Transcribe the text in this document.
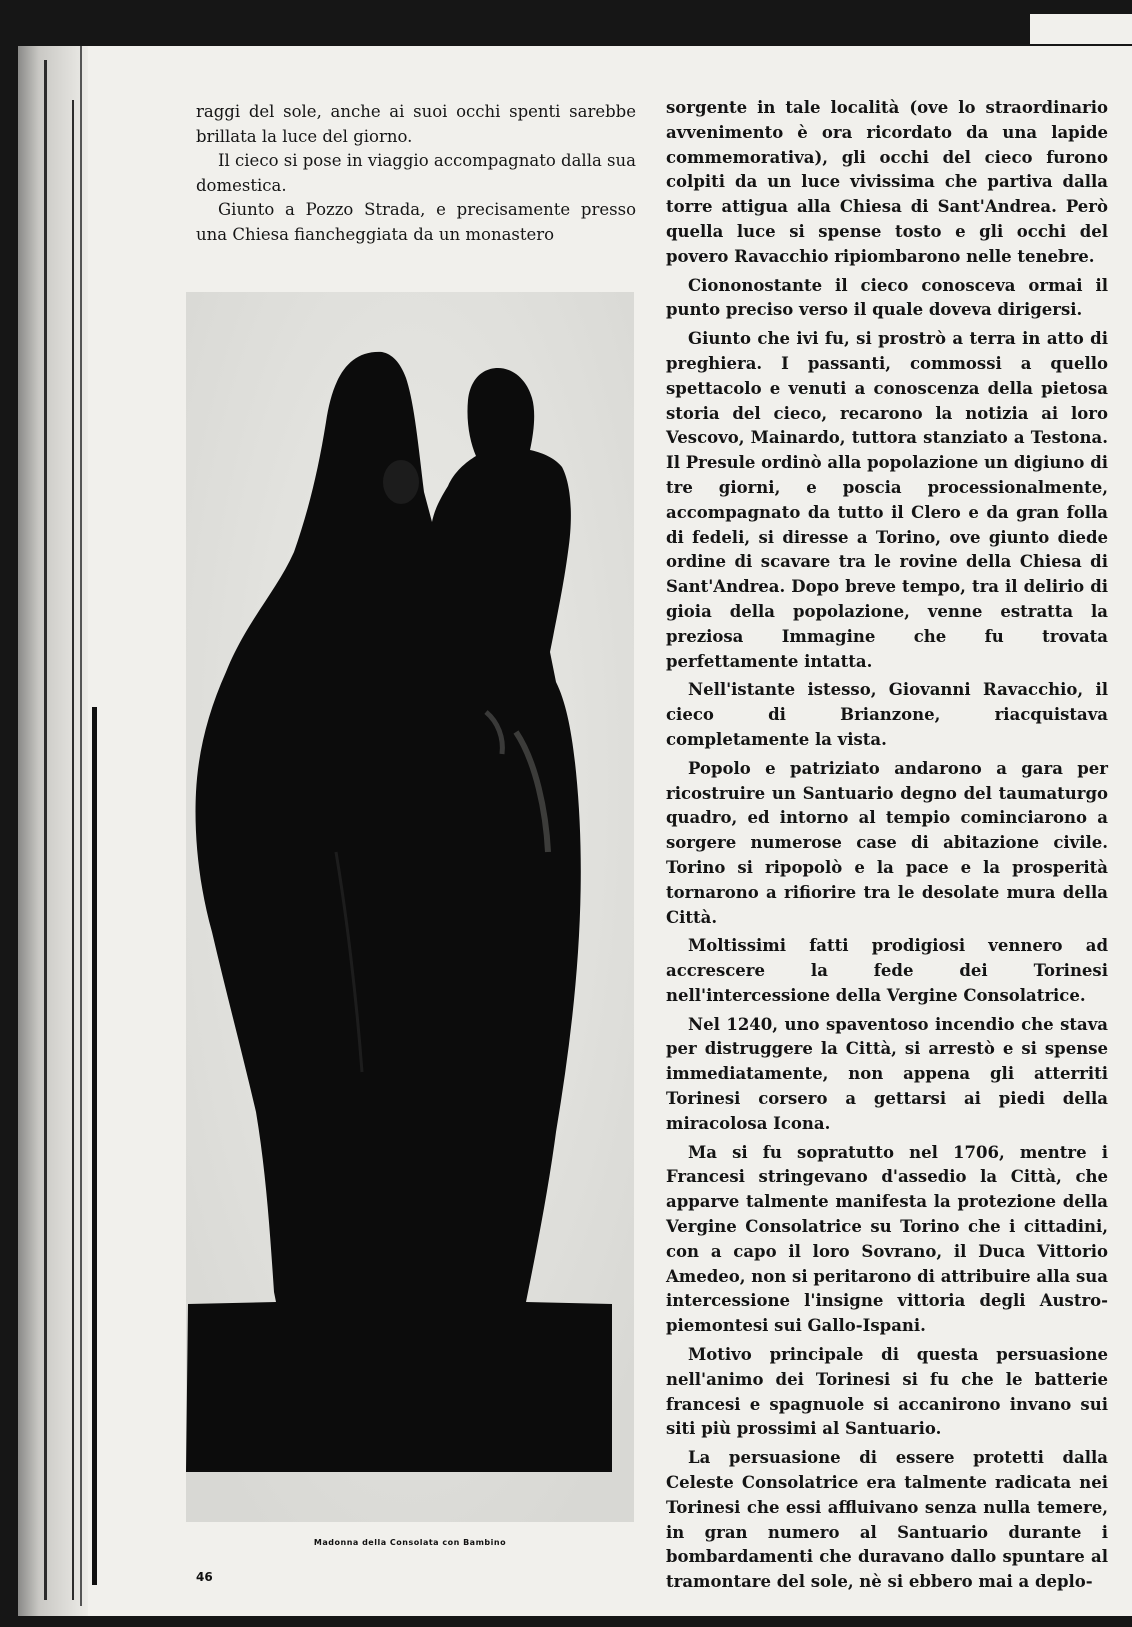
raggi del sole, anche ai suoi occhi spenti sarebbe brillata la luce del giorno.

Il cieco si pose in viaggio accompagnato dalla sua domestica.

Giunto a Pozzo Strada, e precisamente presso una Chiesa fiancheggiata da un monastero

Madonna della Consolata con Bambino
46

sorgente in tale località (ove lo straordinario avvenimento è ora ricordato da una lapide commemorativa), gli occhi del cieco furono colpiti da un luce vivissima che partiva dalla torre attigua alla Chiesa di Sant'Andrea. Però quella luce si spense tosto e gli occhi del povero Ravacchio ripiombarono nelle tenebre.

Ciononostante il cieco conosceva ormai il punto preciso verso il quale doveva dirigersi.

Giunto che ivi fu, si prostrò a terra in atto di preghiera. I passanti, commossi a quello spettacolo e venuti a conoscenza della pietosa storia del cieco, recarono la notizia ai loro Vescovo, Mainardo, tuttora stanziato a Testona. Il Presule ordinò alla popolazione un digiuno di tre giorni, e poscia processionalmente, accompagnato da tutto il Clero e da gran folla di fedeli, si diresse a Torino, ove giunto diede ordine di scavare tra le rovine della Chiesa di Sant'Andrea. Dopo breve tempo, tra il delirio di gioia della popolazione, venne estratta la preziosa Immagine che fu trovata perfettamente intatta.

Nell'istante istesso, Giovanni Ravacchio, il cieco di Brianzone, riacquistava completamente la vista.

Popolo e patriziato andarono a gara per ricostruire un Santuario degno del taumaturgo quadro, ed intorno al tempio cominciarono a sorgere numerose case di abitazione civile. Torino si ripopolò e la pace e la prosperità tornarono a rifiorire tra le desolate mura della Città.

Moltissimi fatti prodigiosi vennero ad accrescere la fede dei Torinesi nell'intercessione della Vergine Consolatrice.

Nel 1240, uno spaventoso incendio che stava per distruggere la Città, si arrestò e si spense immediatamente, non appena gli atterriti Torinesi corsero a gettarsi ai piedi della miracolosa Icona.

Ma si fu sopratutto nel 1706, mentre i Francesi stringevano d'assedio la Città, che apparve talmente manifesta la protezione della Vergine Consolatrice su Torino che i cittadini, con a capo il loro Sovrano, il Duca Vittorio Amedeo, non si peritarono di attribuire alla sua intercessione l'insigne vittoria degli Austro-piemontesi sui Gallo-Ispani.

Motivo principale di questa persuasione nell'animo dei Torinesi si fu che le batterie francesi e spagnuole si accanirono invano sui siti più prossimi al Santuario.

La persuasione di essere protetti dalla Celeste Consolatrice era talmente radicata nei Torinesi che essi affluivano senza nulla temere, in gran numero al Santuario durante i bombardamenti che duravano dallo spuntare al tramontare del sole, nè si ebbero mai a deplo-
